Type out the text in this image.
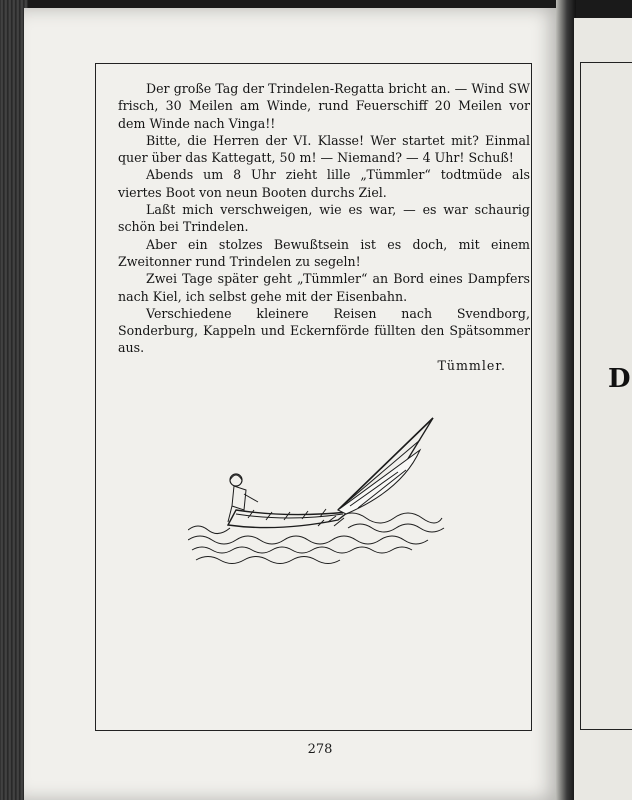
D

Der große Tag der Trindelen-Regatta bricht an. — Wind SW frisch, 30 Meilen am Winde, rund Feuerschiff 20 Meilen vor dem Winde nach Vinga!!

Bitte, die Herren der VI. Klasse! Wer startet mit? Einmal quer über das Kattegatt, 50 m! — Niemand? — 4 Uhr! Schuß!

Abends um 8 Uhr zieht lille „Tümmler“ todtmüde als viertes Boot von neun Booten durchs Ziel.

Laßt mich verschweigen, wie es war, — es war schaurig schön bei Trindelen.

Aber ein stolzes Bewußtsein ist es doch, mit einem Zweitonner rund Trindelen zu segeln!

Zwei Tage später geht „Tümmler“ an Bord eines Dampfers nach Kiel, ich selbst gehe mit der Eisenbahn.

Verschiedene kleinere Reisen nach Svendborg, Sonderburg, Kappeln und Eckernförde füllten den Spätsommer aus.

Tümmler.

278
